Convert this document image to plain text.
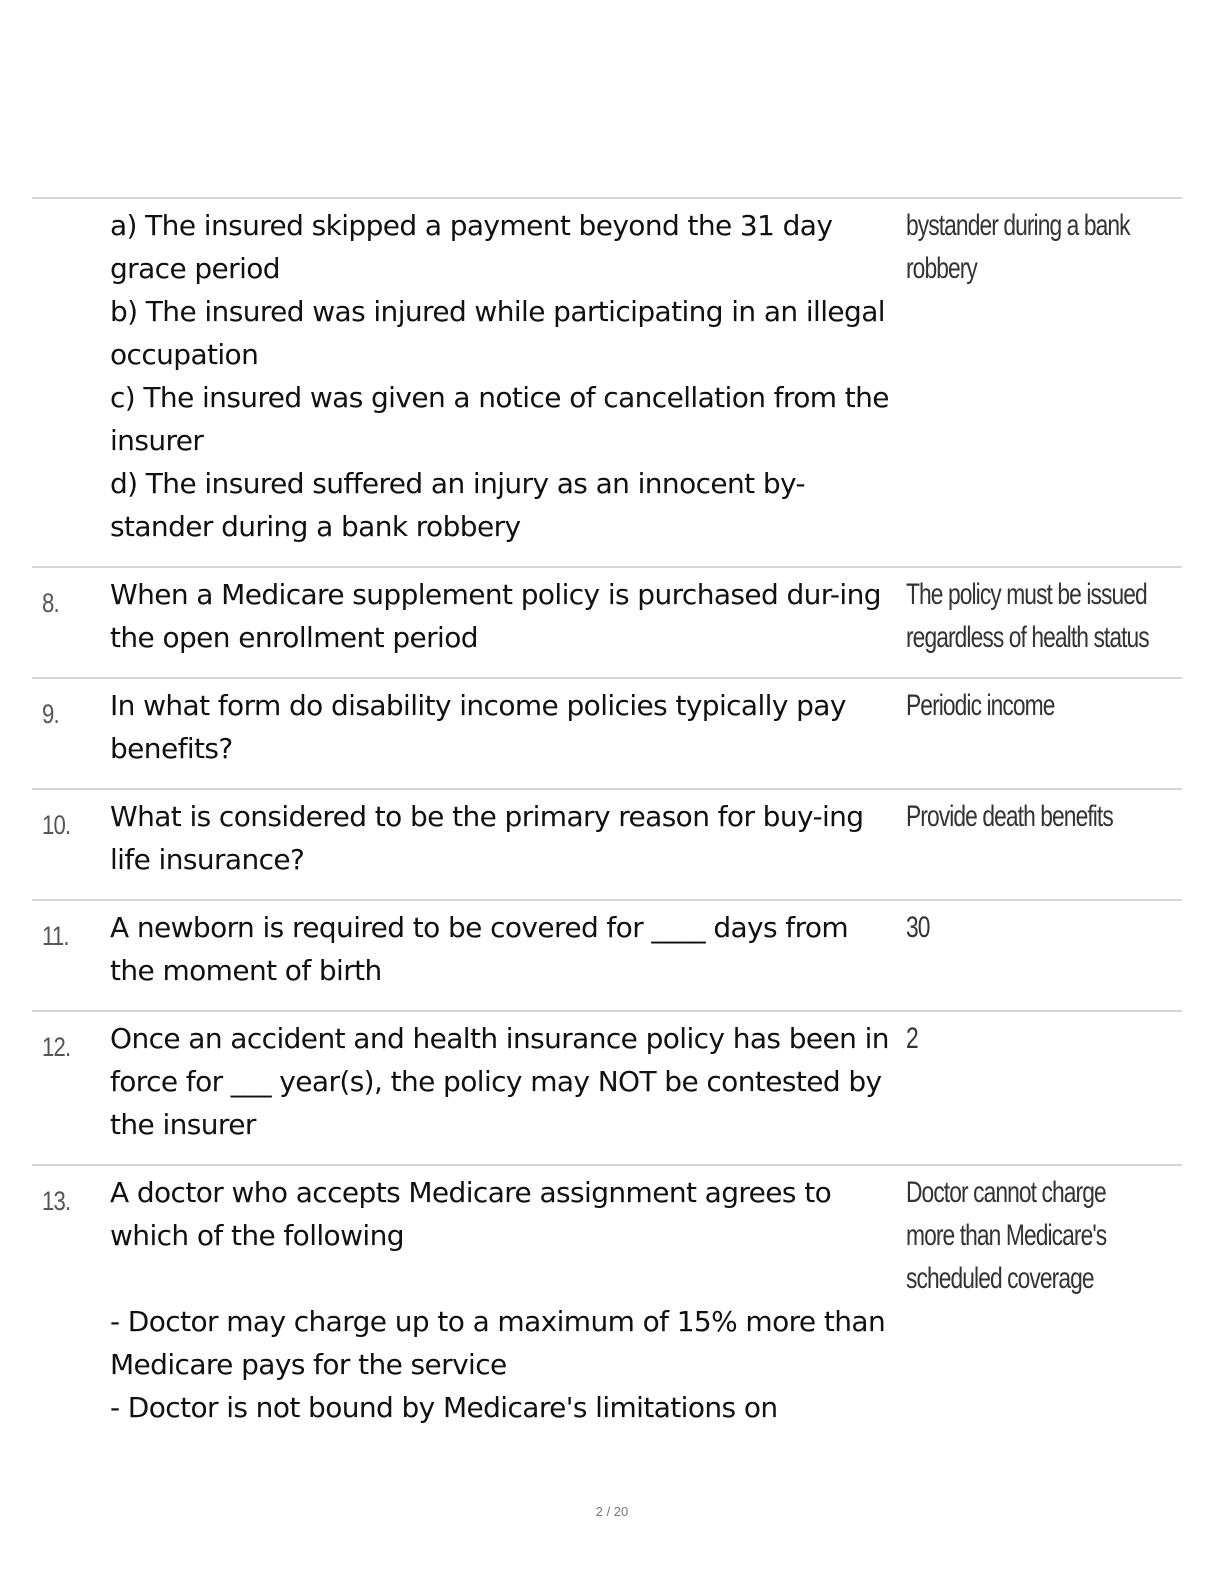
a) The insured skipped a payment beyond the 31 day grace period
b) The insured was injured while participating in an illegal occupation
c) The insured was given a notice of cancellation from the insurer
d) The insured suffered an injury as an innocent by-stander during a bank robbery
bystander during a bank robbery
8. When a Medicare supplement policy is purchased dur-ing the open enrollment period
The policy must be issued regardless of health status
9. In what form do disability income policies typically pay benefits?
Periodic income
10. What is considered to be the primary reason for buy-ing life insurance?
Provide death benefits
11. A newborn is required to be covered for ____ days from the moment of birth
30
12. Once an accident and health insurance policy has been in force for ___ year(s), the policy may NOT be contested by the insurer
2
13. A doctor who accepts Medicare assignment agrees to which of the following

- Doctor may charge up to a maximum of 15% more than Medicare pays for the service
- Doctor is not bound by Medicare's limitations on
Doctor cannot charge more than Medicare's scheduled coverage
2 / 20
